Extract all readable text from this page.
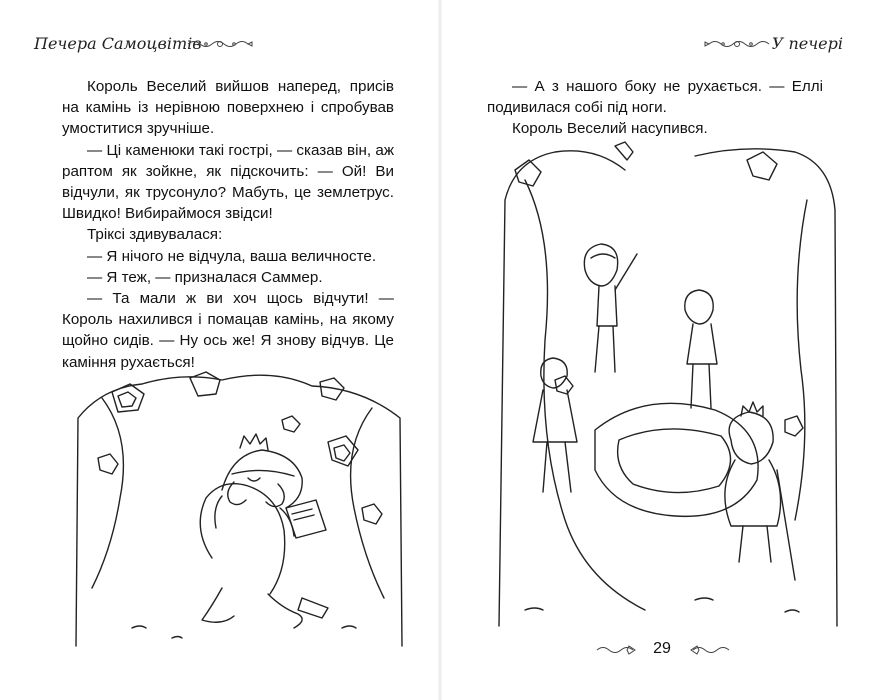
Печера Самоцвітів

Король Веселий вийшов наперед, присів на камінь із нерівною поверхнею і спробував умоститися зручніше.

— Ці каменюки такі гострі, — сказав він, аж раптом як зойкне, як підскочить: — Ой! Ви відчули, як трусонуло? Мабуть, це землетрус. Швидко! Вибираймося звідси!

Тріксі здивувалася:

— Я нічого не відчула, ваша величносте.

— Я теж, — призналася Саммер.

— Та мали ж ви хоч щось відчути! — Король нахилився і помацав камінь, на якому щойно сидів. — Ну ось же! Я знову відчув. Це каміння рухається!

У печері

— А з нашого боку не рухається. — Еллі подивилася собі під ноги.

Король Веселий насупився.

29
